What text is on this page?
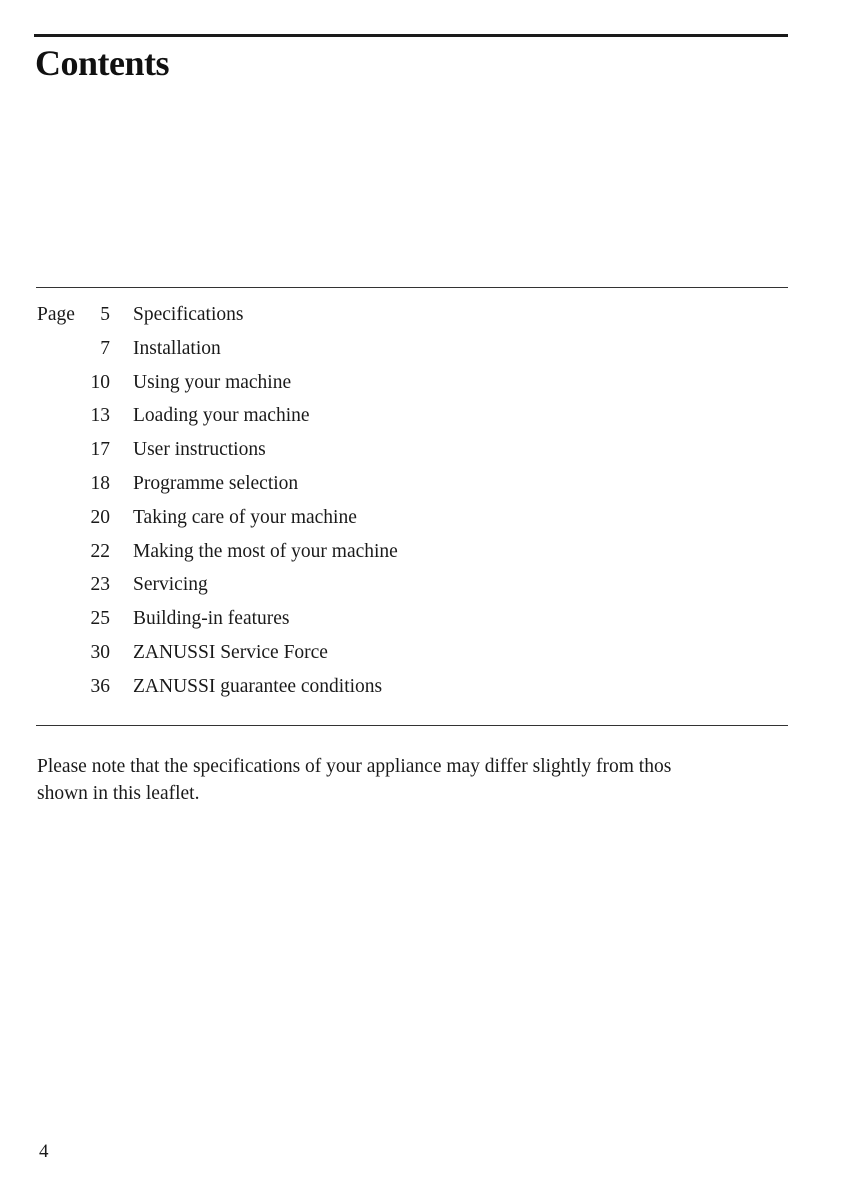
Contents
Page	5 Specifications
7 Installation
10 Using your machine
13 Loading your machine
17 User instructions
18 Programme selection
20 Taking care of your machine
22 Making the most of your machine
23 Servicing
25 Building-in features
30 ZANUSSI Service Force
36 ZANUSSI guarantee conditions

Please note that the specifications of your appliance may differ slightly from thos
shown in this leaflet.

4
